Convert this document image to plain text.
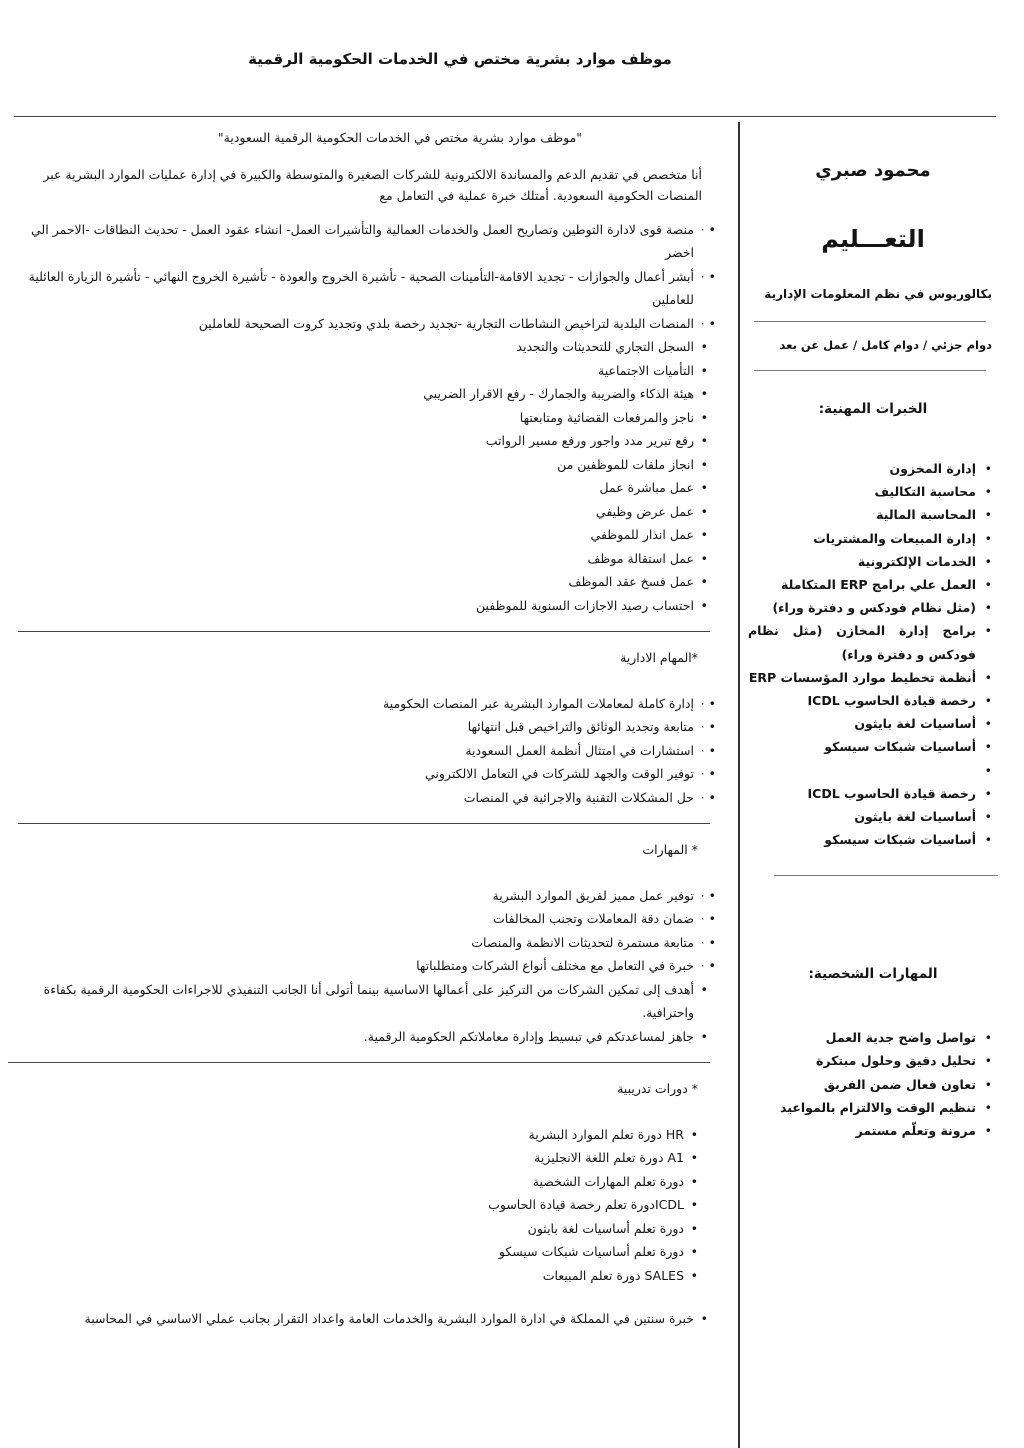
موظف موارد بشرية مختص في الخدمات الحكومية الرقمية

"موظف موارد بشرية مختص في الخدمات الحكومية الرقمية السعودية"

أنا متخصص في تقديم الدعم والمساندة الالكترونية للشركات الصغيرة والمتوسطة والكبيرة في إدارة عمليات الموارد البشرية عبر المنصات الحكومية السعودية. أمتلك خبرة عملية في التعامل مع

• · منصة قوى لادارة التوطين وتصاريح العمل والخدمات العمالية والتأشيرات العمل- انشاء عقود العمل - تحديث النطاقات -الاحمر الي اخضر
• · أبشر أعمال والجوازات - تجديد الاقامة-التأمينات الصحية - تأشيرة الخروج والعودة - تأشيرة الخروج النهائي - تأشيرة الزيارة العائلية للعاملين
• · المنصات البلدية لتراخيص النشاطات التجارية -تجديد رخصة بلدي وتجديد كروت الصحيحة للعاملين
• السجل التجاري للتحديثات والتجديد
• التأميات الاجتماعية
• هيئة الذكاء والضريبة والجمارك - رفع الاقرار الضريبي
• ناجز والمرفعات القضائية ومتابعتها
• رفع تبرير مدد واجور ورفع مسير الرواتب
• انجاز ملفات للموظفين من
• عمل مباشرة عمل
• عمل عرض وظيفي
• عمل انذار للموظفي
• عمل استقالة موظف
• عمل فسخ عقد الموظف
• احتساب رصيد الاجازات السنوية للموظفين

*المهام الادارية

• · إدارة كاملة لمعاملات الموارد البشرية عبر المنصات الحكومية
• · متابعة وتجديد الوثائق والتراخيص قبل انتهائها
• · استشارات في امتثال أنظمة العمل السعودية
• · توفير الوقت والجهد للشركات في التعامل الالكتروني
• · حل المشكلات التقنية والاجرائية في المنصات

* المهارات

• · توفير عمل مميز لفريق الموارد البشرية
• · ضمان دقة المعاملات وتجنب المخالفات
• · متابعة مستمرة لتحديثات الانظمة والمنصات
• · خبرة في التعامل مع مختلف أنواع الشركات ومتطلباتها
• أهدف إلى تمكين الشركات من التركيز على أعمالها الاساسية بينما أتولى أنا الجانب التنفيذي للاجراءات الحكومية الرقمية بكفاءة واحترافية.
• جاهز لمساعدتكم في تبسيط وإدارة معاملاتكم الحكومية الرقمية.

* دورات تدريبية

• HR دورة تعلم الموارد البشرية
• A1 دورة تعلم اللغة الانجليزية
• دورة تعلم المهارات الشخصية
• ICDLدورة تعلم رخصة قيادة الحاسوب
• دورة تعلم أساسيات لغة بايثون
• دورة تعلم أساسيات شبكات سيسكو
• SALES دورة تعلم المبيعات
• خبرة سنتين في المملكة في ادارة الموارد البشرية والخدمات العامة واعداد التقرار بجانب عملي الاساسي في المحاسبة
محمود صبري
التعـــليم
بكالوريوس في نظم المعلومات الإدارية
دوام جزئي / دوام كامل / عمل عن بعد
الخبرات المهنية:
• إدارة المخزون
• محاسبة التكاليف
• المحاسبة المالية
• إدارة المبيعات والمشتريات
• الخدمات الإلكترونية
• العمل علي برامج ERP المتكاملة
• (مثل نظام فودكس و دفترة وراء)
• برامج إدارة المخازن (مثل نظام فودكس و دفترة وراء)
• أنظمة تخطيط موارد المؤسسات ERP
• رخصة قيادة الحاسوب ICDL
• أساسيات لغة بايثون
• أساسيات شبكات سيسكو
•
• رخصة قيادة الحاسوب ICDL
• أساسيات لغة بايثون
• أساسيات شبكات سيسكو
المهارات الشخصية:
• تواصل واضح جدية العمل
• تحليل دقيق وحلول مبتكرة
• تعاون فعال ضمن الفريق
• تنظيم الوقت والالتزام بالمواعيد
• مرونة وتعلّم مستمر
